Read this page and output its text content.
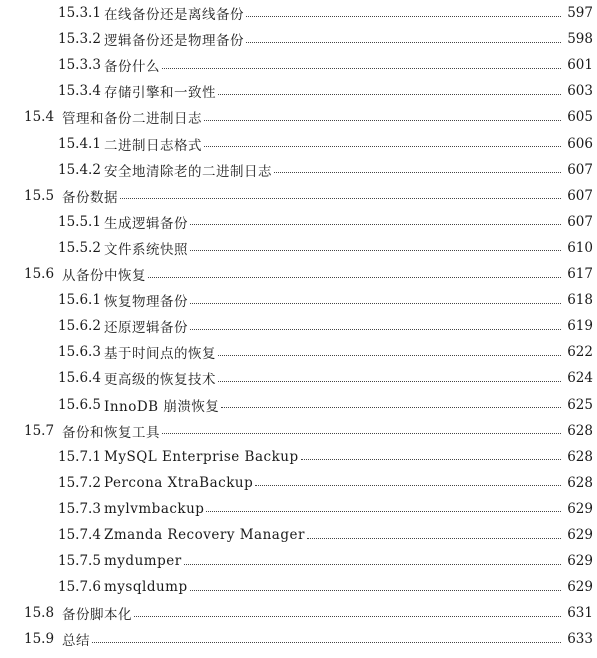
15.3.1 在线备份还是离线备份	597
15.3.2 逻辑备份还是物理备份	598
15.3.3 备份什么	601
15.3.4 存储引擎和一致性	603
15.4 管理和备份二进制日志	605
15.4.1 二进制日志格式	606
15.4.2 安全地清除老的二进制日志	607
15.5 备份数据	607
15.5.1 生成逻辑备份	607
15.5.2 文件系统快照	610
15.6 从备份中恢复	617
15.6.1 恢复物理备份	618
15.6.2 还原逻辑备份	619
15.6.3 基于时间点的恢复	622
15.6.4 更高级的恢复技术	624
15.6.5 InnoDB 崩溃恢复	625
15.7 备份和恢复工具	628
15.7.1 MySQL Enterprise Backup	628
15.7.2 Percona XtraBackup	628
15.7.3 mylvmbackup	629
15.7.4 Zmanda Recovery Manager	629
15.7.5 mydumper	629
15.7.6 mysqldump	629
15.8 备份脚本化	631
15.9 总结	633
